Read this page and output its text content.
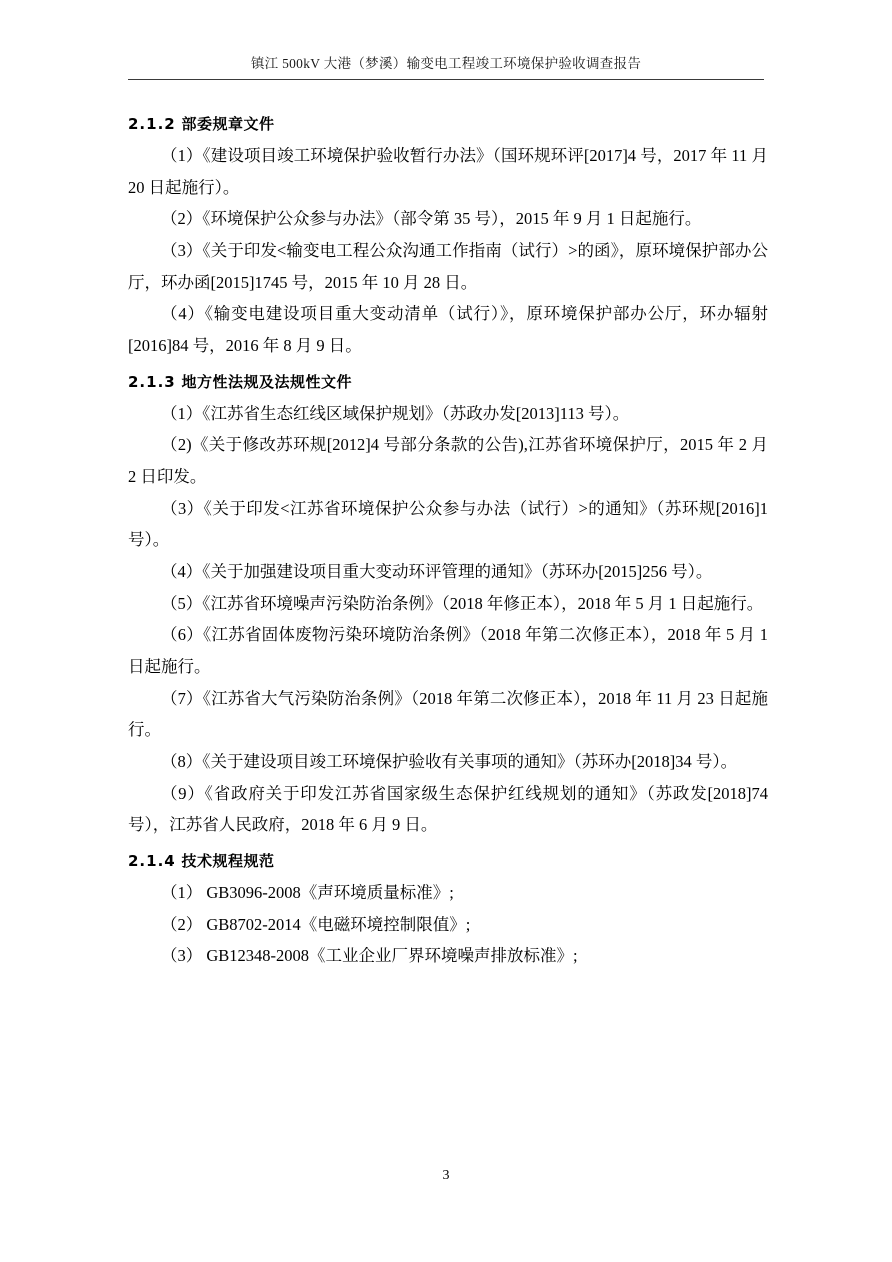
镇江 500kV 大港（梦溪）输变电工程竣工环境保护验收调查报告
2.1.2 部委规章文件

（1）《建设项目竣工环境保护验收暂行办法》（国环规环评[2017]4 号，2017 年 11 月 20 日起施行）。

（2）《环境保护公众参与办法》（部令第 35 号），2015 年 9 月 1 日起施行。

（3）《关于印发<输变电工程公众沟通工作指南（试行）>的函》，原环境保护部办公厅，环办函[2015]1745 号，2015 年 10 月 28 日。

（4）《输变电建设项目重大变动清单（试行）》，原环境保护部办公厅，环办辐射[2016]84 号，2016 年 8 月 9 日。

2.1.3 地方性法规及法规性文件

（1）《江苏省生态红线区域保护规划》（苏政办发[2013]113 号）。

（2)《关于修改苏环规[2012]4 号部分条款的公告),江苏省环境保护厅，2015 年 2 月 2 日印发。

（3）《关于印发<江苏省环境保护公众参与办法（试行）>的通知》（苏环规[2016]1 号）。

（4）《关于加强建设项目重大变动环评管理的通知》（苏环办[2015]256 号）。

（5）《江苏省环境噪声污染防治条例》（2018 年修正本），2018 年 5 月 1 日起施行。

（6）《江苏省固体废物污染环境防治条例》（2018 年第二次修正本），2018 年 5 月 1 日起施行。

（7）《江苏省大气污染防治条例》（2018 年第二次修正本），2018 年 11 月 23 日起施行。

（8）《关于建设项目竣工环境保护验收有关事项的通知》（苏环办[2018]34 号）。

（9）《省政府关于印发江苏省国家级生态保护红线规划的通知》（苏政发[2018]74 号），江苏省人民政府，2018 年 6 月 9 日。

2.1.4 技术规程规范

（1） GB3096-2008《声环境质量标准》;

（2） GB8702-2014《电磁环境控制限值》;

（3） GB12348-2008《工业企业厂界环境噪声排放标准》;

3
